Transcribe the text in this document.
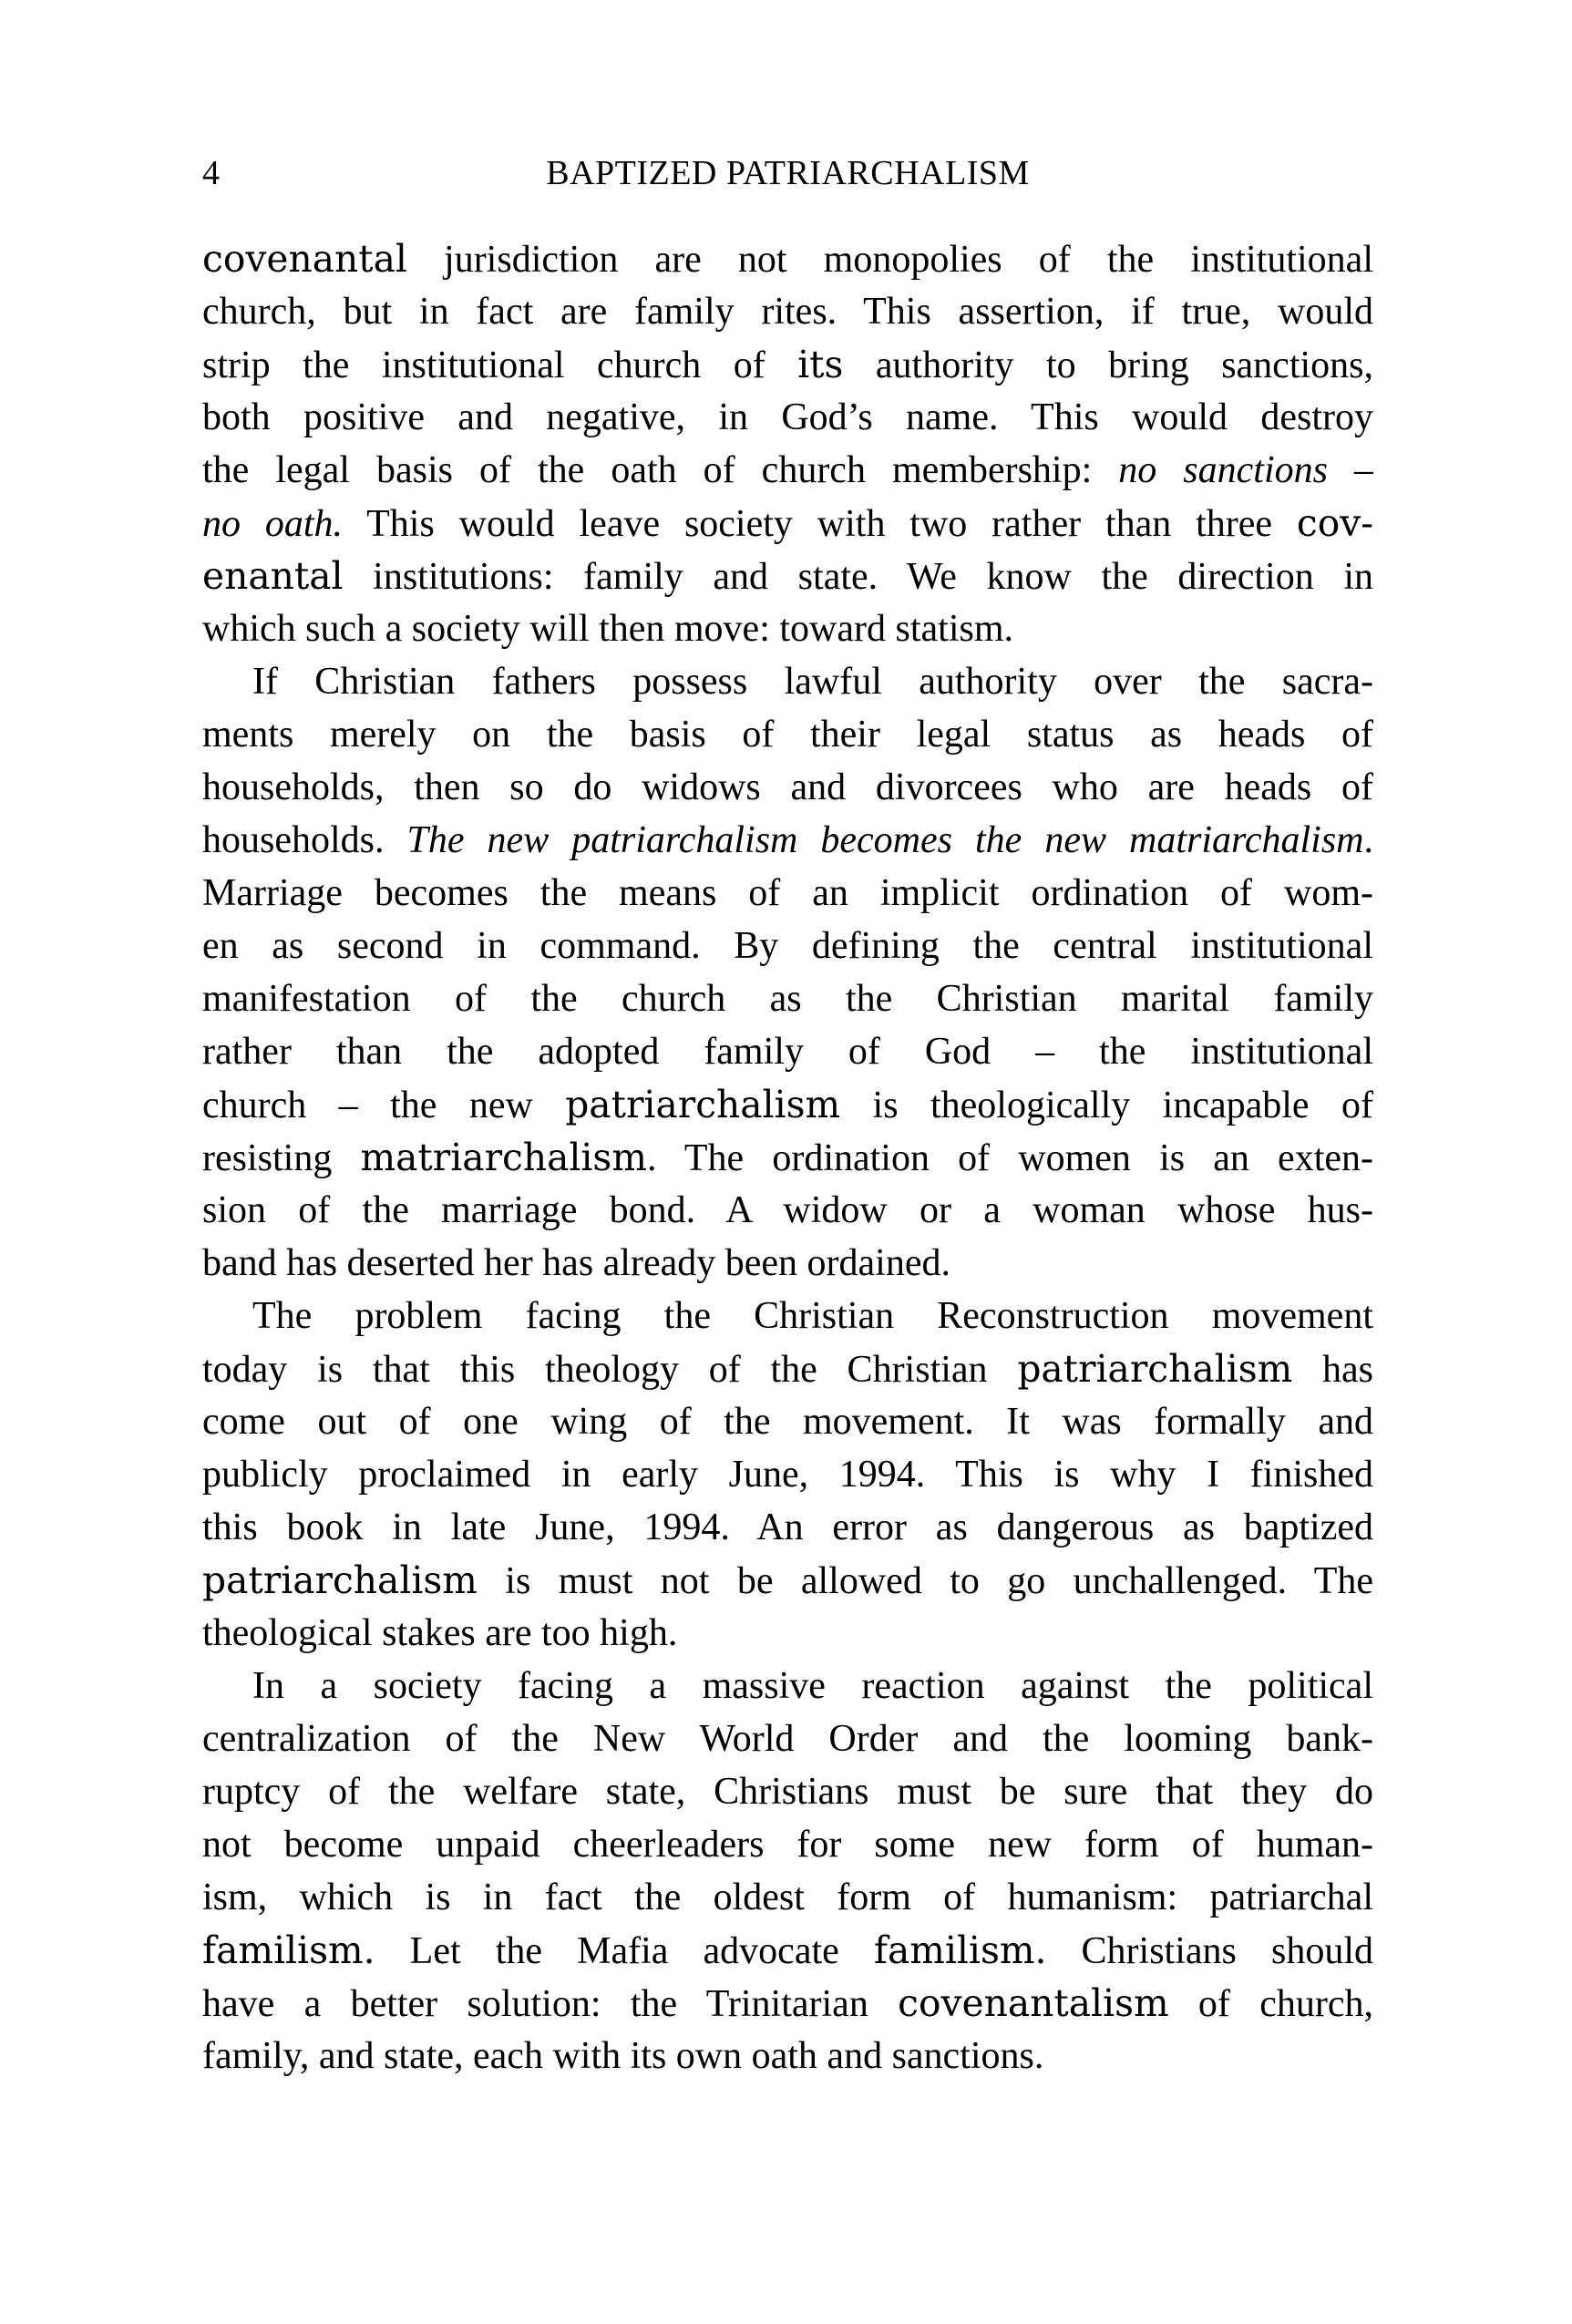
4	BAPTIZED PATRIARCHALISM
covenantal jurisdiction are not monopolies of the institutional
church, but in fact are family rites. This assertion, if true, would
strip the institutional church of its authority to bring sanctions,
both positive and negative, in God’s name. This would destroy
the legal basis of the oath of church membership: no sanctions –
no oath. This would leave society with two rather than three cov-
enantal institutions: family and state. We know the direction in
which such a society will then move: toward statism.
If Christian fathers possess lawful authority over the sacra-
ments merely on the basis of their legal status as heads of
households, then so do widows and divorcees who are heads of
households. The new patriarchalism becomes the new matriarchalism.
Marriage becomes the means of an implicit ordination of wom-
en as second in command. By defining the central institutional
manifestation of the church as the Christian marital family
rather than the adopted family of God – the institutional
church – the new patriarchalism is theologically incapable of
resisting matriarchalism. The ordination of women is an exten-
sion of the marriage bond. A widow or a woman whose hus-
band has deserted her has already been ordained.
The problem facing the Christian Reconstruction movement
today is that this theology of the Christian patriarchalism has
come out of one wing of the movement. It was formally and
publicly proclaimed in early June, 1994. This is why I finished
this book in late June, 1994. An error as dangerous as baptized
patriarchalism is must not be allowed to go unchallenged. The
theological stakes are too high.
In a society facing a massive reaction against the political
centralization of the New World Order and the looming bank-
ruptcy of the welfare state, Christians must be sure that they do
not become unpaid cheerleaders for some new form of human-
ism, which is in fact the oldest form of humanism: patriarchal
familism. Let the Mafia advocate familism. Christians should
have a better solution: the Trinitarian covenantalism of church,
family, and state, each with its own oath and sanctions.
